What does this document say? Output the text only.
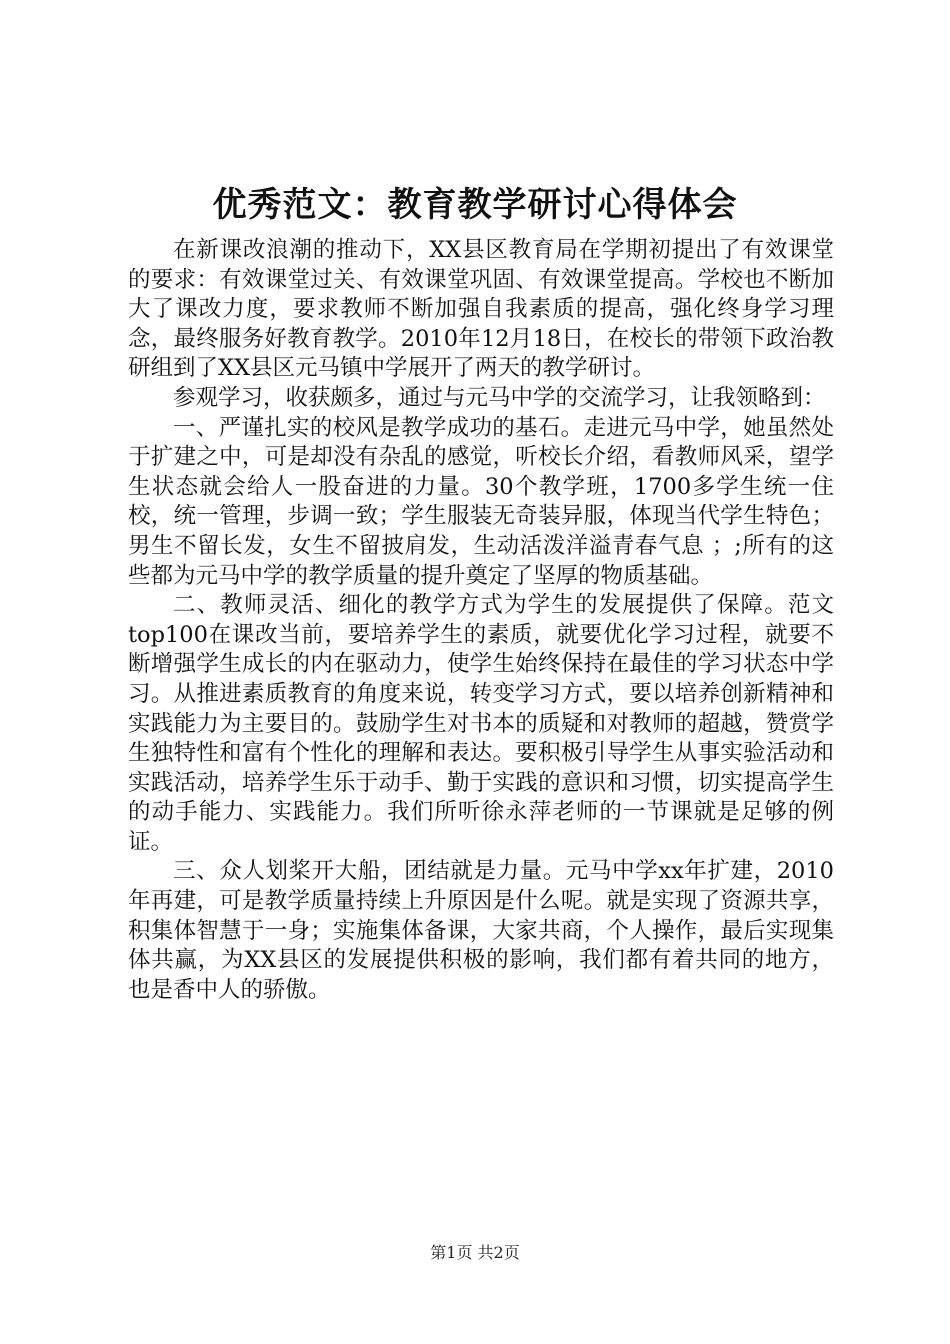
优秀范文：教育教学研讨心得体会

在新课改浪潮的推动下，XX县区教育局在学期初提出了有效课堂的要求：有效课堂过关、有效课堂巩固、有效课堂提高。学校也不断加大了课改力度，要求教师不断加强自我素质的提高，强化终身学习理念，最终服务好教育教学。2010年12月18日，在校长的带领下政治教研组到了XX县区元马镇中学展开了两天的教学研讨。

参观学习，收获颇多，通过与元马中学的交流学习，让我领略到：

一、严谨扎实的校风是教学成功的基石。走进元马中学，她虽然处于扩建之中，可是却没有杂乱的感觉，听校长介绍，看教师风采，望学生状态就会给人一股奋进的力量。30个教学班，1700多学生统一住校，统一管理，步调一致；学生服装无奇装异服，体现当代学生特色；男生不留长发，女生不留披肩发，生动活泼洋溢青春气息 ；;所有的这些都为元马中学的教学质量的提升奠定了坚厚的物质基础。

二、教师灵活、细化的教学方式为学生的发展提供了保障。范文top100在课改当前，要培养学生的素质，就要优化学习过程，就要不断增强学生成长的内在驱动力，使学生始终保持在最佳的学习状态中学习。从推进素质教育的角度来说，转变学习方式，要以培养创新精神和实践能力为主要目的。鼓励学生对书本的质疑和对教师的超越，赞赏学生独特性和富有个性化的理解和表达。要积极引导学生从事实验活动和实践活动，培养学生乐于动手、勤于实践的意识和习惯，切实提高学生的动手能力、实践能力。我们所听徐永萍老师的一节课就是足够的例证。

三、众人划桨开大船，团结就是力量。元马中学xx年扩建，2010年再建，可是教学质量持续上升原因是什么呢。就是实现了资源共享，积集体智慧于一身；实施集体备课，大家共商，个人操作，最后实现集体共赢，为XX县区的发展提供积极的影响，我们都有着共同的地方，也是香中人的骄傲。

第1页 共2页
